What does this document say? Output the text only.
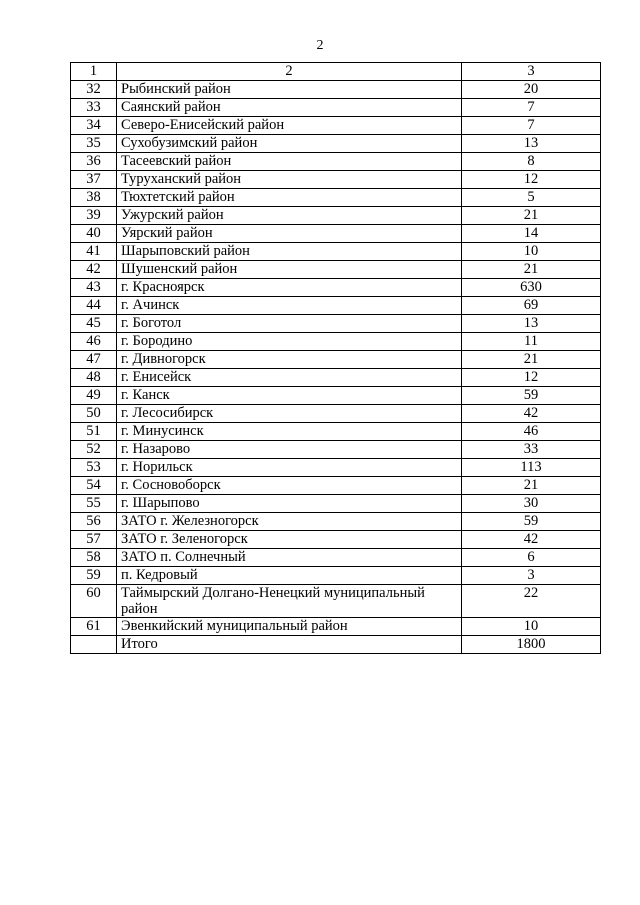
2
1	2	3
32	Рыбинский район	20
33	Саянский район	7
34	Северо-Енисейский район	7
35	Сухобузимский район	13
36	Тасеевский район	8
37	Туруханский район	12
38	Тюхтетский район	5
39	Ужурский район	21
40	Уярский район	14
41	Шарыповский район	10
42	Шушенский район	21
43	г. Красноярск	630
44	г. Ачинск	69
45	г. Боготол	13
46	г. Бородино	11
47	г. Дивногорск	21
48	г. Енисейск	12
49	г. Канск	59
50	г. Лесосибирск	42
51	г. Минусинск	46
52	г. Назарово	33
53	г. Норильск	113
54	г. Сосновоборск	21
55	г. Шарыпово	30
56	ЗАТО г. Железногорск	59
57	ЗАТО г. Зеленогорск	42
58	ЗАТО п. Солнечный	6
59	п. Кедровый	3
60	Таймырский Долгано-Ненецкий муниципальный район	22
61	Эвенкийский муниципальный район	10
	Итого	1800
